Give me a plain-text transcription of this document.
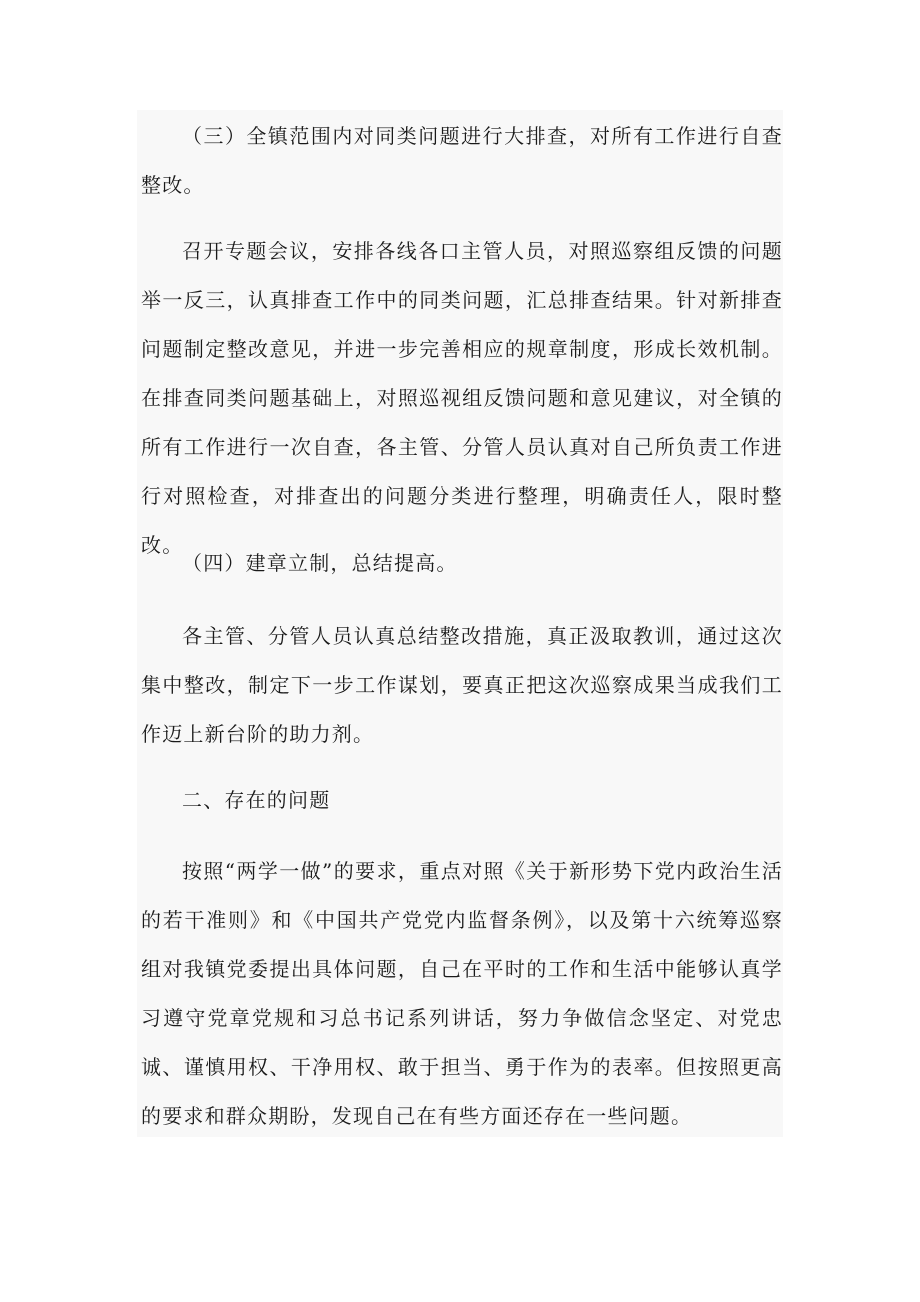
（三）全镇范围内对同类问题进行大排查，对所有工作进行自查整改。

召开专题会议，安排各线各口主管人员，对照巡察组反馈的问题举一反三，认真排查工作中的同类问题，汇总排查结果。针对新排查问题制定整改意见，并进一步完善相应的规章制度，形成长效机制。在排查同类问题基础上，对照巡视组反馈问题和意见建议，对全镇的所有工作进行一次自查，各主管、分管人员认真对自己所负责工作进行对照检查，对排查出的问题分类进行整理，明确责任人，限时整改。

（四）建章立制，总结提高。

各主管、分管人员认真总结整改措施，真正汲取教训，通过这次集中整改，制定下一步工作谋划，要真正把这次巡察成果当成我们工作迈上新台阶的助力剂。

二、存在的问题

按照“两学一做”的要求，重点对照《关于新形势下党内政治生活的若干准则》和《中国共产党党内监督条例》，以及第十六统筹巡察组对我镇党委提出具体问题，自己在平时的工作和生活中能够认真学习遵守党章党规和习总书记系列讲话，努力争做信念坚定、对党忠诚、谨慎用权、干净用权、敢于担当、勇于作为的表率。但按照更高的要求和群众期盼，发现自己在有些方面还存在一些问题。
